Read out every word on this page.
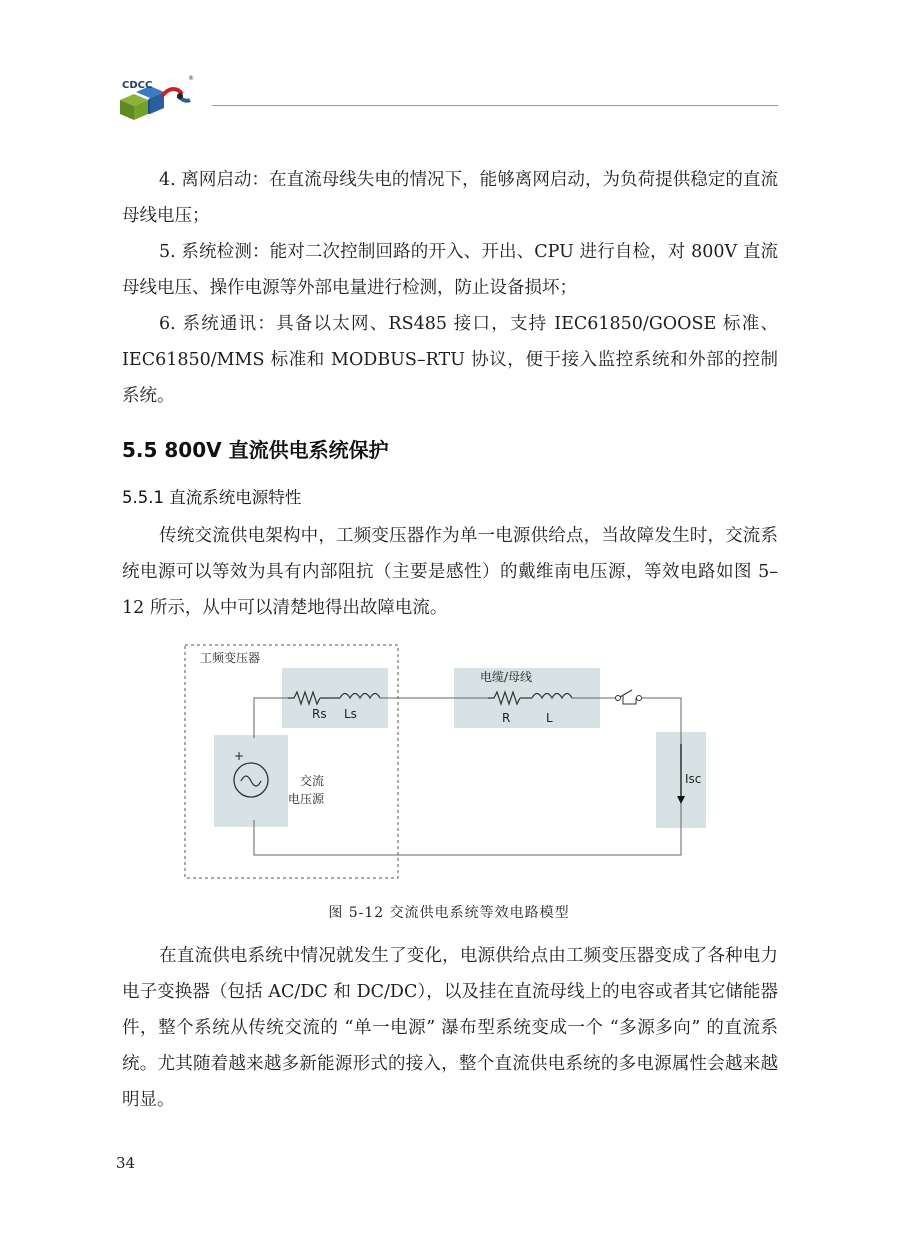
CDCC
®
4. 离网启动：在直流母线失电的情况下，能够离网启动，为负荷提供稳定的直流母线电压；
5. 系统检测：能对二次控制回路的开入、开出、CPU 进行自检，对 800V 直流母线电压、操作电源等外部电量进行检测，防止设备损坏；
6. 系统通讯：具备以太网、RS485 接口，支持 IEC61850/GOOSE 标准、IEC61850/MMS 标准和 MODBUS–RTU 协议，便于接入监控系统和外部的控制系统。
5.5 800V 直流供电系统保护
5.5.1 直流系统电源特性
传统交流供电架构中，工频变压器作为单一电源供给点，当故障发生时，交流系统电源可以等效为具有内部阻抗（主要是感性）的戴维南电压源，等效电路如图 5–12 所示，从中可以清楚地得出故障电流。
工频变压器
Rs Ls
电缆/母线
R	L
+
交流
电压源
Isc
图 5-12 交流供电系统等效电路模型
在直流供电系统中情况就发生了变化，电源供给点由工频变压器变成了各种电力电子变换器（包括 AC/DC 和 DC/DC），以及挂在直流母线上的电容或者其它储能器件，整个系统从传统交流的 “单一电源” 瀑布型系统变成一个 “多源多向” 的直流系统。尤其随着越来越多新能源形式的接入，整个直流供电系统的多电源属性会越来越明显。
34
